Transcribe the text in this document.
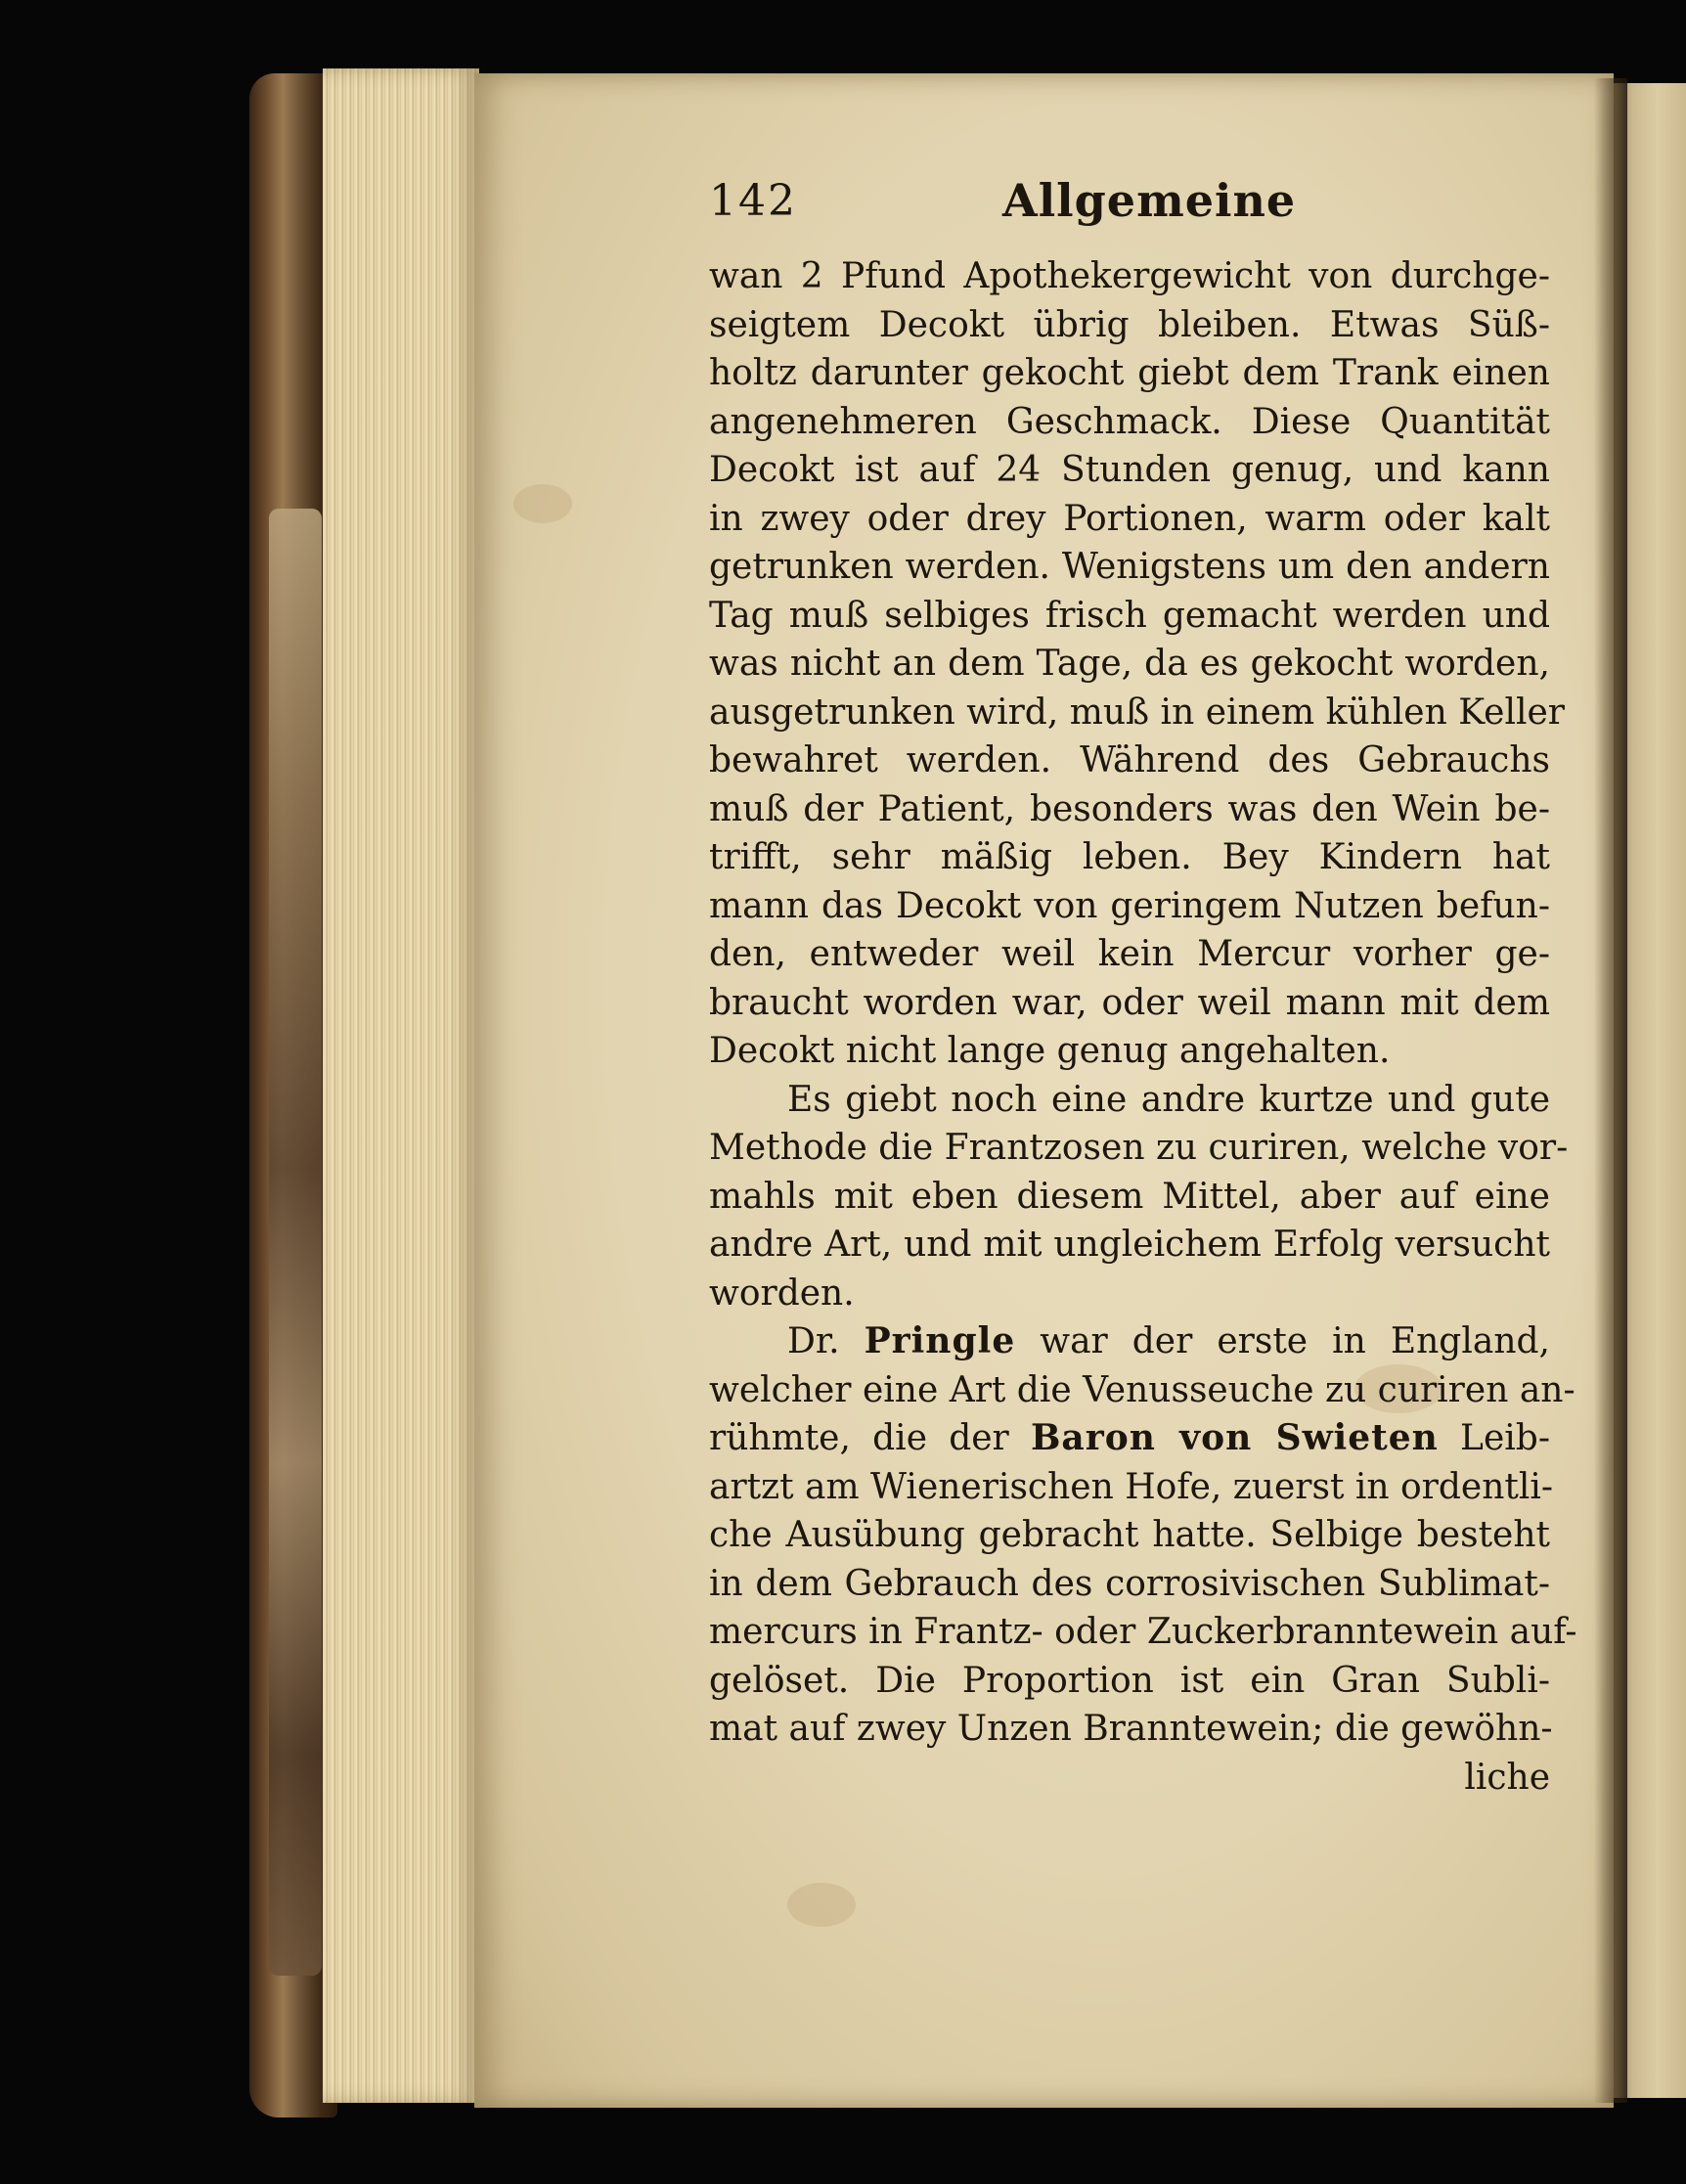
142	Allgemeine
wan 2 Pfund Apothekergewicht von durchge-
seigtem Decokt übrig bleiben. Etwas Süß-
holtz darunter gekocht giebt dem Trank einen
angenehmeren Geschmack. Diese Quantität
Decokt ist auf 24 Stunden genug, und kann
in zwey oder drey Portionen, warm oder kalt
getrunken werden. Wenigstens um den andern
Tag muß selbiges frisch gemacht werden und
was nicht an dem Tage, da es gekocht worden,
ausgetrunken wird, muß in einem kühlen Keller
bewahret werden. Während des Gebrauchs
muß der Patient, besonders was den Wein be-
trifft, sehr mäßig leben. Bey Kindern hat
mann das Decokt von geringem Nutzen befun-
den, entweder weil kein Mercur vorher ge-
braucht worden war, oder weil mann mit dem
Decokt nicht lange genug angehalten.
Es giebt noch eine andre kurtze und gute
Methode die Frantzosen zu curiren, welche vor-
mahls mit eben diesem Mittel, aber auf eine
andre Art, und mit ungleichem Erfolg versucht
worden.
Dr. Pringle war der erste in England,
welcher eine Art die Venusseuche zu curiren an-
rühmte, die der Baron von Swieten Leib-
artzt am Wienerischen Hofe, zuerst in ordentli-
che Ausübung gebracht hatte. Selbige besteht
in dem Gebrauch des corrosivischen Sublimat-
mercurs in Frantz- oder Zuckerbranntewein auf-
gelöset. Die Proportion ist ein Gran Subli-
mat auf zwey Unzen Branntewein; die gewöhn-
liche
